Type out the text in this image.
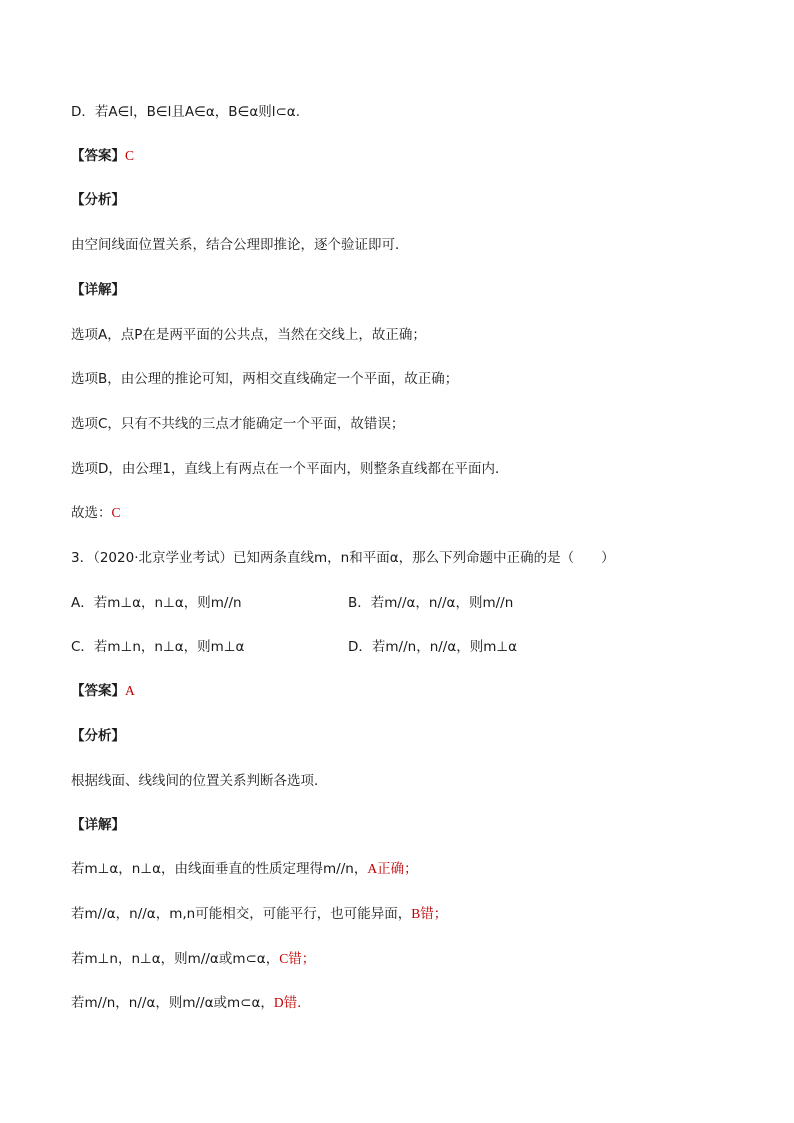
D．若A∈l，B∈l且A∈α，B∈α则l⊂α.
【答案】C
【分析】
由空间线面位置关系，结合公理即推论，逐个验证即可．
【详解】
选项A，点P在是两平面的公共点，当然在交线上，故正确；
选项B，由公理的推论可知，两相交直线确定一个平面，故正确；
选项C，只有不共线的三点才能确定一个平面，故错误；
选项D，由公理1，直线上有两点在一个平面内，则整条直线都在平面内．
故选：C
3．（2020·北京学业考试）已知两条直线m，n和平面α，那么下列命题中正确的是（　　）
A．若m⊥α，n⊥α，则m//n	B．若m//α，n//α，则m//n
C．若m⊥n，n⊥α，则m⊥α	D．若m//n，n//α，则m⊥α
【答案】A
【分析】
根据线面、线线间的位置关系判断各选项．
【详解】
若m⊥α，n⊥α，由线面垂直的性质定理得m//n，A正确；
若m//α，n//α，m,n可能相交，可能平行，也可能异面，B错；
若m⊥n，n⊥α，则m//α或m⊂α，C错；
若m//n，n//α，则m//α或m⊂α，D错．
